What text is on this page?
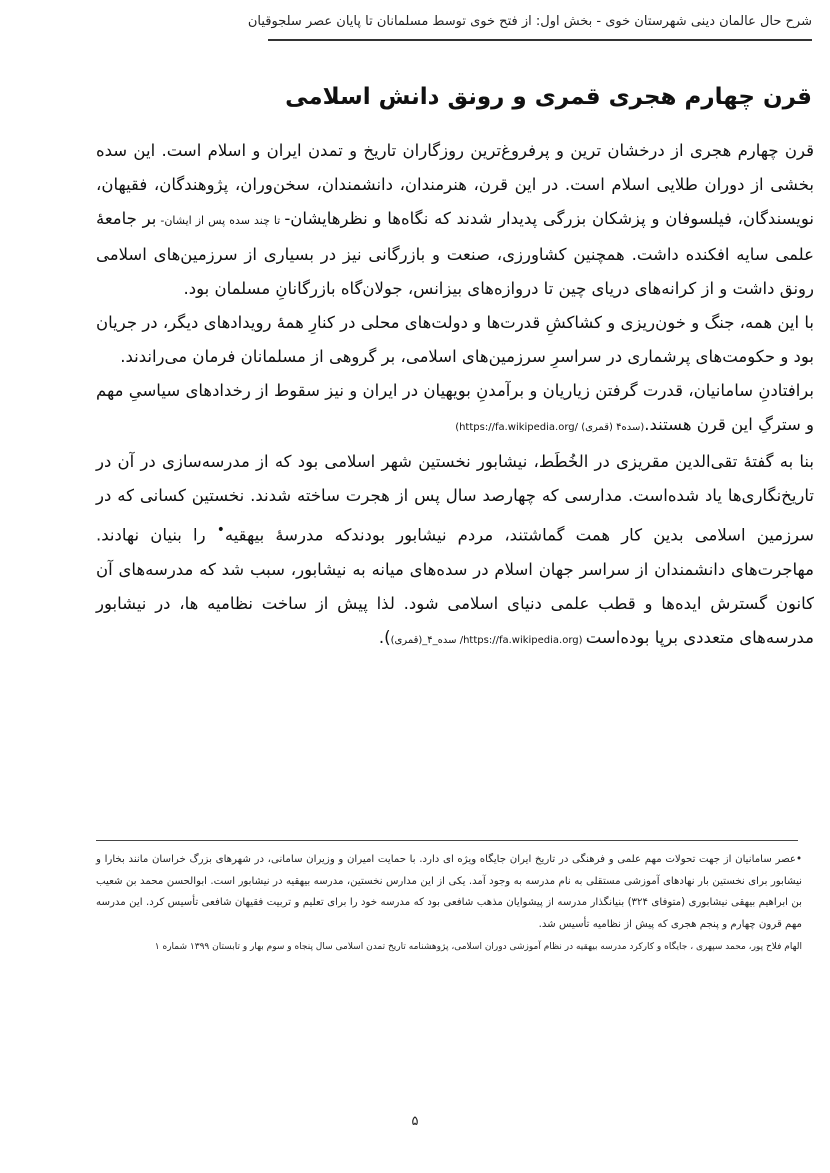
شرح حال عالمان دینی شهرستان خوی - بخش اول: از فتح خوی توسط مسلمانان تا پایان عصر سلجوقیان
قرن چهارم هجری قمری و رونق دانش اسلامی

قرن چهارم هجری از درخشان ترین و پرفروغ‌ترین روزگاران تاریخ و تمدن ایران و اسلام است. این سده بخشی از دوران طلایی اسلام است. در این قرن، هنرمندان، دانشمندان، سخن‌وران، پژوهندگان، فقیهان، نویسندگان، فیلسوفان و پزشکان بزرگی پدیدار شدند که نگاه‌ها و نظرهایشان- تا چند سده پس از ایشان- بر جامعهٔ علمی سایه افکنده داشت. همچنین کشاورزی، صنعت و بازرگانی نیز در بسیاری از سرزمین‌های اسلامی رونق داشت و از کرانه‌های دریای چین تا دروازه‌های بیزانس، جولان‌گاه بازرگانانِ مسلمان بود.

با این همه، جنگ و خون‌ریزی و کشاکشِ قدرت‌ها و دولت‌های محلی در کنارِ همهٔ رویدادهای دیگر، در جریان بود و حکومت‌های پرشماری در سراسرِ سرزمین‌های اسلامی، بر گروهی از مسلمانان فرمان می‌راندند.

برافتادنِ سامانیان، قدرت گرفتن زیاریان و برآمدنِ بویهیان در ایران و نیز سقوط از رخدادهای سیاسیِ مهم و سترگِ این قرن هستند.(سده۴ (قمری) /https://fa.wikipedia.org)

بنا به گفتهٔ تقی‌الدین مقریزی در الخُطَط، نیشابور نخستین شهر اسلامی بود که از مدرسه‌سازی در آن در تاریخ‌نگاری‌ها یاد شده‌است. مدارسی که چهارصد سال پس از هجرت ساخته شدند. نخستین کسانی که در سرزمین اسلامی بدین کار همت گماشتند، مردم نیشابور بودندکه مدرسهٔ بیهقیه• را بنیان نهادند. مهاجرت‌های دانشمندان از سراسر جهان اسلام در سده‌های میانه به نیشابور، سبب شد که مدرسه‌های آن کانون گسترش ایده‌ها و قطب علمی دنیای اسلامی شود. لذا پیش از ساخت نظامیه ها، در نیشابور مدرسه‌های متعددی برپا بوده‌است (https://fa.wikipedia.org/ سده_۴_(قمری)).

•عصر سامانیان از جهت تحولات مهم علمی و فرهنگی در تاریخ ایران جایگاه ویژه ای دارد. با حمایت امیران و وزیران سامانی، در شهرهای بزرگ خراسان مانند بخارا و نیشابور برای نخستین بار نهادهای آموزشی مستقلی به نام مدرسه به وجود آمد. یکی از این مدارس نخستین، مدرسه بیهقیه در نیشابور است. ابوالحسن محمد بن شعیب بن ابراهیم بیهقی نیشابوری (متوفای ۳۲۴) بنیانگذار مدرسه از پیشوایان مذهب شافعی بود که مدرسه خود را برای تعلیم و تربیت فقیهان شافعی تأسیس کرد. این مدرسه مهم قرون چهارم و پنجم هجری که پیش از نظامیه تأسیس شد.

الهام فلاح پور، محمد سپهری ، جایگاه و کارکرد مدرسه بیهقیه در نظام آموزشی دوران اسلامی، پژوهشنامه تاریخ تمدن اسلامی سال پنجاه و سوم بهار و تابستان ۱۳۹۹ شماره ۱

۵
